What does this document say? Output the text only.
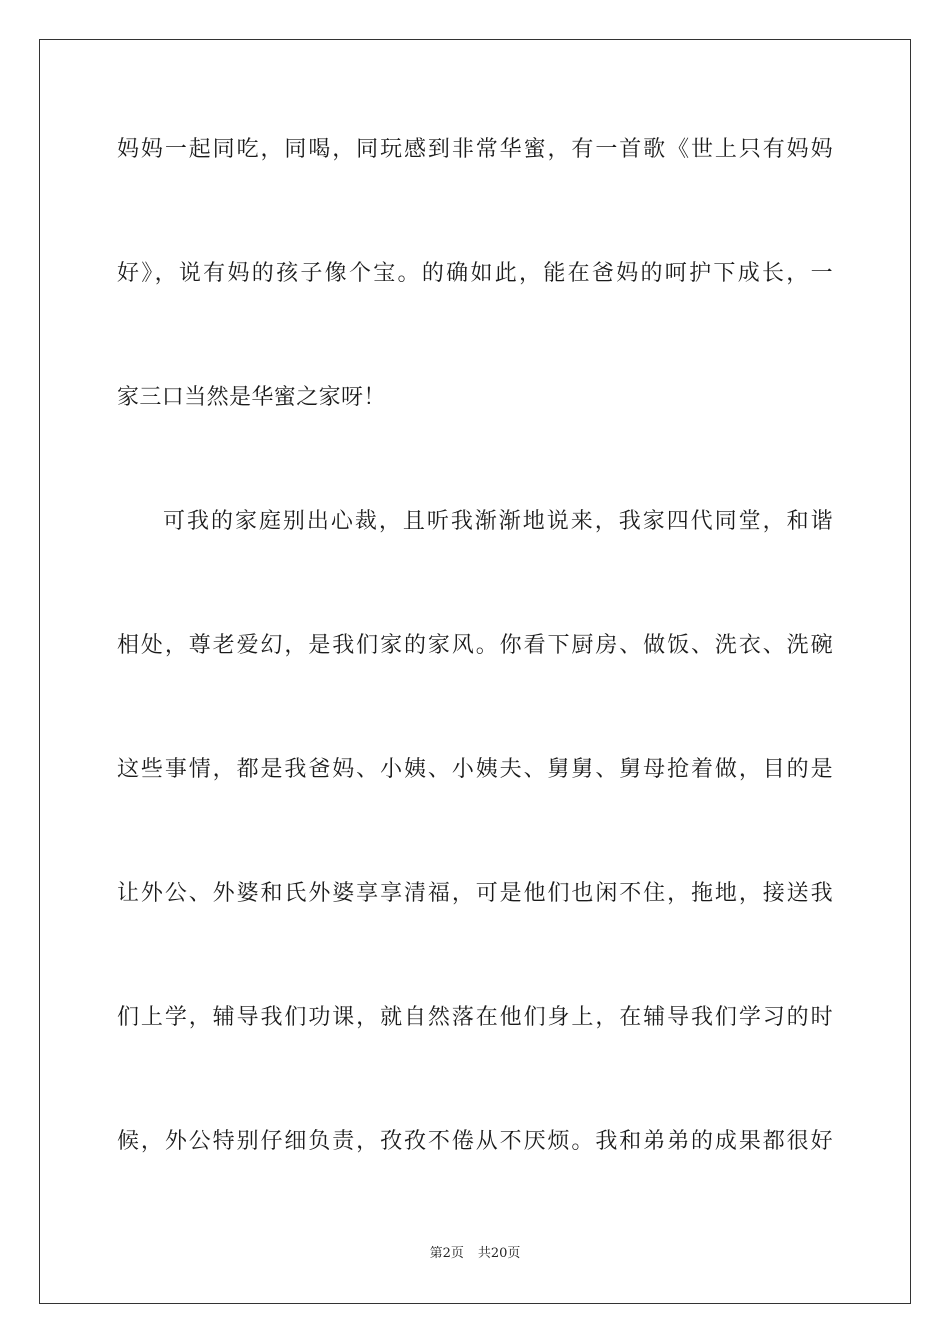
妈妈一起同吃，同喝，同玩感到非常华蜜，有一首歌《世上只有妈妈
好》，说有妈的孩子像个宝。的确如此，能在爸妈的呵护下成长，一
家三口当然是华蜜之家呀！
可我的家庭别出心裁，且听我渐渐地说来，我家四代同堂，和谐
相处，尊老爱幻，是我们家的家风。你看下厨房、做饭、洗衣、洗碗
这些事情，都是我爸妈、小姨、小姨夫、舅舅、舅母抢着做，目的是
让外公、外婆和氏外婆享享清福，可是他们也闲不住，拖地，接送我
们上学，辅导我们功课，就自然落在他们身上，在辅导我们学习的时
候，外公特别仔细负责，孜孜不倦从不厌烦。我和弟弟的成果都很好
第2页 共20页
